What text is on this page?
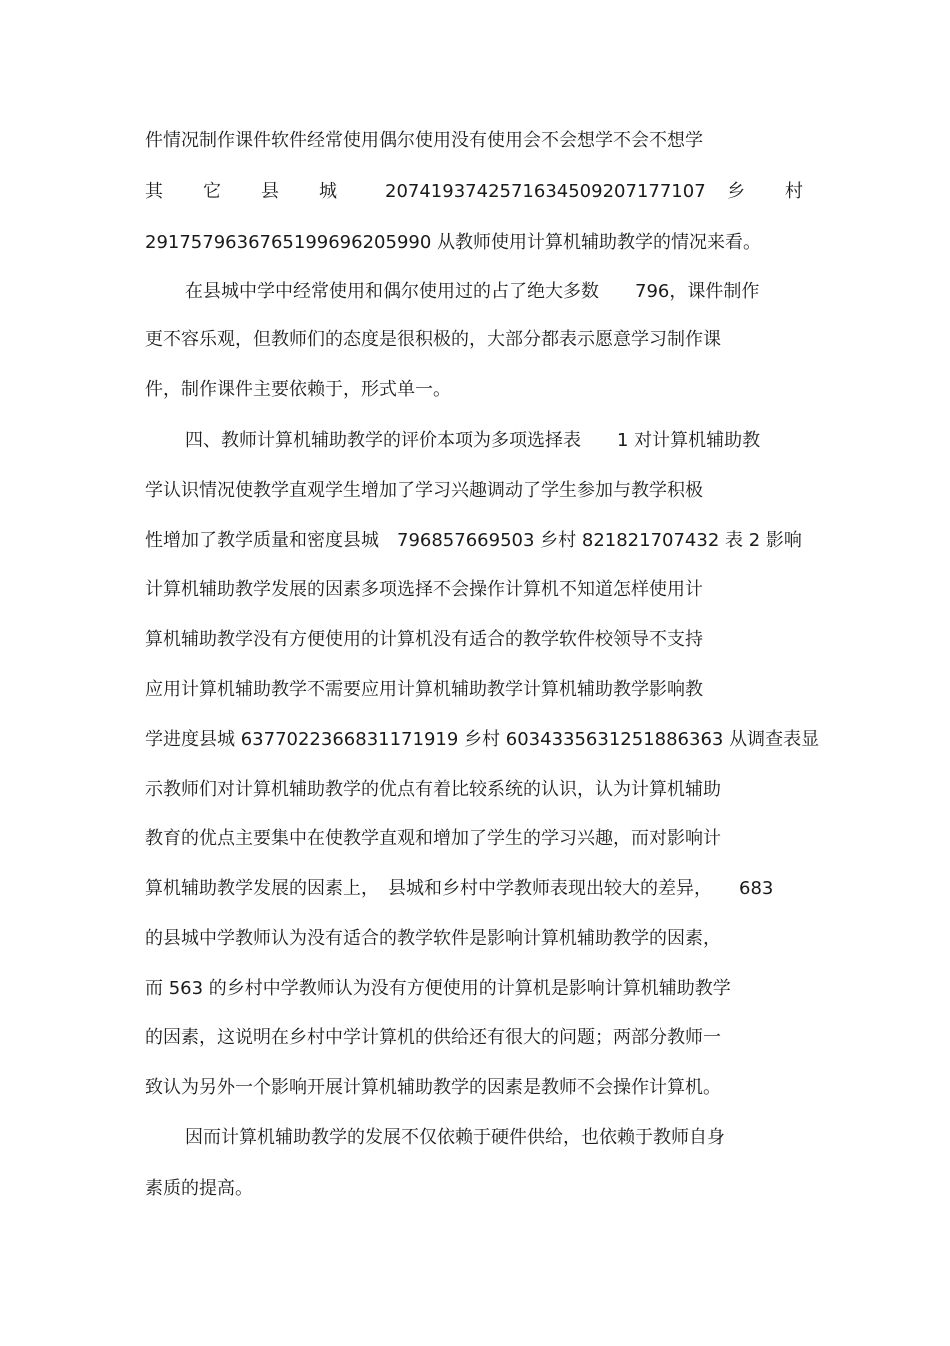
件情况制作课件软件经常使用偶尔使用没有使用会不会想学不会不想学
其 它 县 城	207419374257163450920717710​7 乡 村
2917579636765199696205990 从教师使用计算机辅助教学的情况来看。
在县城中学中经常使用和偶尔使用过的占了绝大多数　　796，课件制作
更不容乐观，但教师们的态度是很积极的，大部分都表示愿意学习制作课
件，制作课件主要依赖于，形式单一。
四、教师计算机辅助教学的评价本项为多项选择表　　1 对计算机辅助教
学认识情况使教学直观学生增加了学习兴趣调动了学生参加与教学积极
性增加了教学质量和密度县城　796857669503 乡村 821821707432 表 2 影响
计算机辅助教学发展的因素多项选择不会操作计算机不知道怎样使用计
算机辅助教学没有方便使用的计算机没有适合的教学软件校领导不支持
应用计算机辅助教学不需要应用计算机辅助教学计算机辅助教学影响教
学进度县城 6377022366831171919 乡村 6034335631251886363 从调查表显
示教师们对计算机辅助教学的优点有着比较系统的认识，认为计算机辅助
教育的优点主要集中在使教学直观和增加了学生的学习兴趣，而对影响计
算机辅助教学发展的因素上，　县城和乡村中学教师表现出较大的差异，　　683
的县城中学教师认为没有适合的教学软件是影响计算机辅助教学的因素，
而 563 的乡村中学教师认为没有方便使用的计算机是影响计算机辅助教学
的因素，这说明在乡村中学计算机的供给还有很大的问题；两部分教师一
致认为另外一个影响开展计算机辅助教学的因素是教师不会操作计算机。
因而计算机辅助教学的发展不仅依赖于硬件供给，也依赖于教师自身
素质的提高。
